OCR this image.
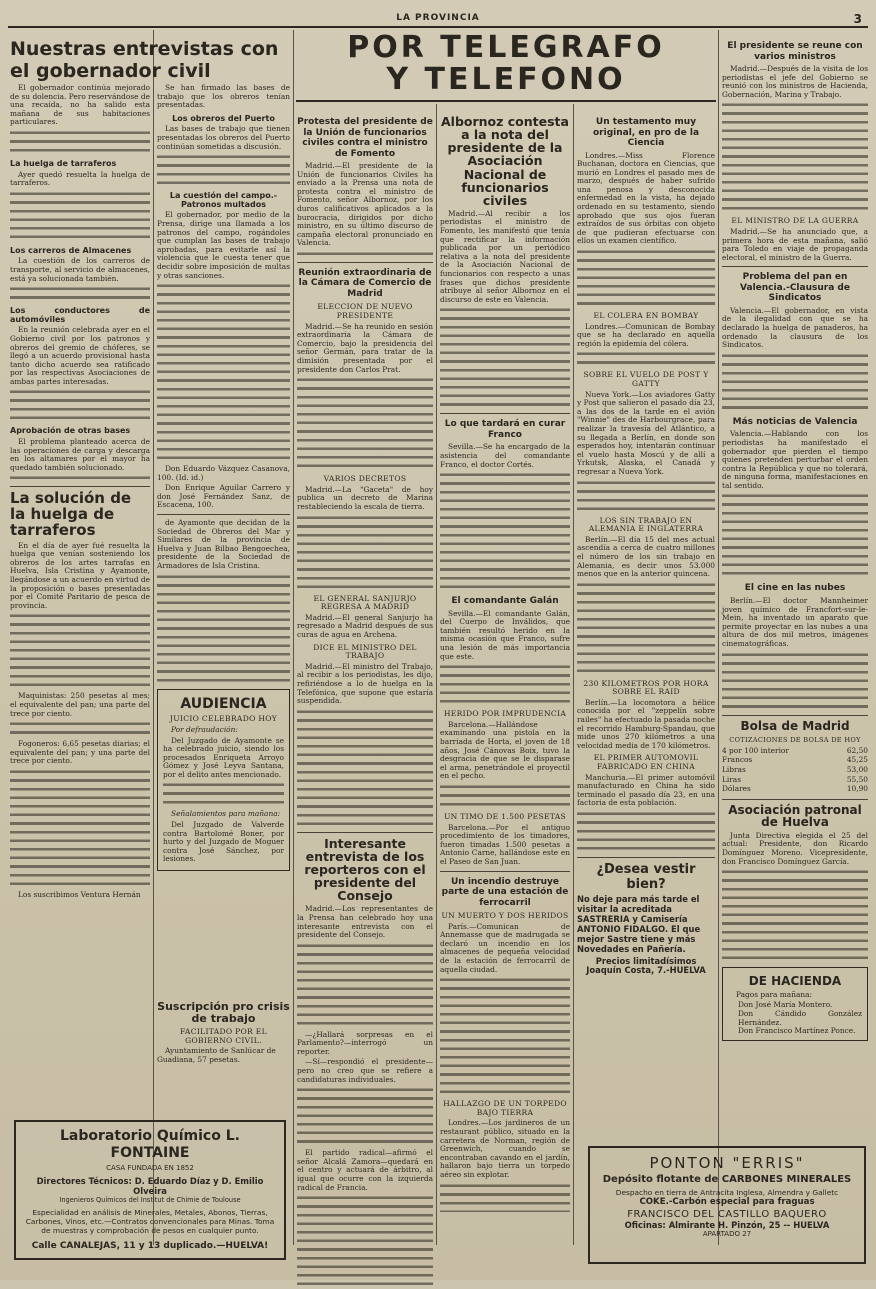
LA PROVINCIA	3
POR TELEGRAFO
Y TELEFONO
Nuestras entrevistas con el gobernador civil

El gobernador continúa mejorado de su dolencia. Pero reservándose de una recaída, no ha salido esta mañana de sus habitaciones particulares.

La huelga de tarraferos

Ayer quedó resuelta la huelga de tarraferos.

Los carreros de Almacenes

La cuestión de los carreros de transporte, al servicio de almacenes, está ya solucionada también.

Los conductores de automóviles

En la reunión celebrada ayer en el Gobierno civil por los patronos y obreros del gremio de chóferes, se llegó a un acuerdo provisional hasta tanto dicho acuerdo sea ratificado por las respectivas Asociaciones de ambas partes interesadas.

Aprobación de otras bases

El problema planteado acerca de las operaciones de carga y descarga en los altamares por el mayor ha quedado también solucionado.

La solución de la huelga de tarraferos

En el día de ayer fué resuelta la huelga que venían sosteniendo los obreros de los artes tarrafas en Huelva, Isla Cristina y Ayamonte, llegándose a un acuerdo en virtud de la proposición o bases presentadas por el Comité Paritario de pesca de provincia.

Maquinistas: 250 pesetas al mes; el equivalente del pan; una parte del trece por ciento.

Fogoneros: 6,65 pesetas diarias; el equivalente del pan; y una parte del trece por ciento.

Los suscribimos Ventura Hernán

Se han firmado las bases de trabajo que los obreros tenían presentadas.

Los obreros del Puerto

Las bases de trabajo que tienen presentadas los obreros del Puerto continúan sometidas a discusión.

La cuestión del campo.-Patronos multados

El gobernador, por medio de la Prensa, dirige una llamada a los patronos del campo, rogándoles que cumplan las bases de trabajo aprobadas, para evitarle así la violencia que le cuesta tener que decidir sobre imposición de multas y otras sanciones.

Don Eduardo Vázquez Casanova, 100. (Id. id.)

Don Enrique Aguilar Carrero y don José Fernández Sanz, de Escacena, 100.

de Ayamonte que decidan de la Sociedad de Obreros del Mar y Similares de la provincia de Huelva y Juan Bilbao Bengoechea, presidente de la Sociedad de Armadores de Isla Cristina.

AUDIENCIA
JUICIO CELEBRADO HOY

Por defraudación:

Del Juzgado de Ayamonte se ha celebrado juicio, siendo los procesados Enriqueta Arroyo Gómez y José Leyva Santana, por el delito antes mencionado.

Señalamientos para mañana:

Del Juzgado de Valverde contra Bartolomé Boner, por hurto y del Juzgado de Moguer contra José Sánchez, por lesiones.

Suscripción pro crisis de trabajo
FACILITADO POR EL GOBIERNO CIVIL.

Ayuntamiento de Sanlúcar de Guadiana, 57 pesetas.

Protesta del presidente de la Unión de funcionarios civiles contra el ministro de Fomento

Madrid.—El presidente de la Unión de funcionarios Civiles ha enviado a la Prensa una nota de protesta contra el ministro de Fomento, señor Albornoz, por los duros calificativos aplicados a la burocracia, dirigidos por dicho ministro, en su último discurso de campaña electoral pronunciado en Valencia.

Reunión extraordinaria de la Cámara de Comercio de Madrid
ELECCION DE NUEVO PRESIDENTE

Madrid.—Se ha reunido en sesión extraordinaria la Cámara de Comercio, bajo la presidencia del señor Germán, para tratar de la dimisión presentada por el presidente don Carlos Prat.

VARIOS DECRETOS

Madrid.—La "Gaceta" de hoy publica un decreto de Marina restableciendo la escala de tierra.

EL GENERAL SANJURJO REGRESA A MADRID

Madrid.—El general Sanjurjo ha regresado a Madrid después de sus curas de agua en Archena.

DICE EL MINISTRO DEL TRABAJO

Madrid.—El ministro del Trabajo, al recibir a los periodistas, les dijo, refiriéndose a lo de huelga en la Telefónica, que supone que estaría suspendida.

Interesante entrevista de los reporteros con el presidente del Consejo

Madrid.—Los representantes de la Prensa han celebrado hoy una interesante entrevista con el presidente del Consejo.

—¿Hallará sorpresas en el Parlamento?—interrogó un reporter.

—Sí—respondió el presidente—pero no creo que se refiere a candidaturas individuales.

El partido radical—afirmó el señor Alcalá Zamora—quedará en el centro y actuará de árbitro, al igual que ocurre con la izquierda radical de Francia.

Albornoz contesta a la nota del presidente de la Asociación Nacional de funcionarios civiles

Madrid.—Al recibir a los periodistas el ministro de Fomento, les manifestó que tenía que rectificar la información publicada por un periódico relativa a la nota del presidente de la Asociación Nacional de funcionarios con respecto a unas frases que dichos presidente atribuye al señor Albornoz en el discurso de este en Valencia.

Lo que tardará en curar Franco

Sevilla.—Se ha encargado de la asistencia del comandante Franco, el doctor Cortés.

El comandante Galán

Sevilla.—El comandante Galán, del Cuerpo de Inválidos, que también resultó herido en la misma ocasión que Franco, sufre una lesión de más importancia que este.

HERIDO POR IMPRUDENCIA

Barcelona.—Hallándose examinando una pistola en la barriada de Horta, el joven de 18 años, José Cánovas Boix, tuvo la desgracia de que se le disparase el arma, penetrándole el proyectil en el pecho.

UN TIMO DE 1.500 PESETAS

Barcelona.—Por el antiguo procedimiento de los timadores, fueron timadas 1.500 pesetas a Antonio Carne, hallándose este en el Paseo de San Juan.

Un incendio destruye parte de una estación de ferrocarril
UN MUERTO Y DOS HERIDOS

París.—Comunican de Annemasse que de madrugada se declaró un incendio en los almacenes de pequeña velocidad de la estación de ferrocarril de aquella ciudad.

HALLAZGO DE UN TORPEDO BAJO TIERRA

Londres.—Los jardineros de un restaurant público, situado en la carretera de Norman, región de Greenwich, cuando se encontraban cavando en el jardín, hallaron bajo tierra un torpedo aéreo sin explotar.

Un testamento muy original, en pro de la Ciencia

Londres.—Miss Florence Buchanan, doctora en Ciencias, que murió en Londres el pasado mes de marzo, después de haber sufrido una penosa y desconocida enfermedad en la vista, ha dejado ordenado en su testamento, siendo aprobado que sus ojos fueran extraídos de sus órbitas con objeto de que pudieran efectuarse con ellos un examen científico.

EL COLERA EN BOMBAY

Londres.—Comunican de Bombay que se ha declarado en aquella región la epidemia del cólera.

SOBRE EL VUELO DE POST Y GATTY

Nueva York.—Los aviadores Gatty y Post que salieron el pasado día 23, a las dos de la tarde en el avión "Winnie" des de Harbourgrace, para realizar la travesía del Atlántico, a su llegada a Berlín, en donde son esperados hoy, intentarán continuar el vuelo hasta Moscú y de allí a Yrkutsk, Alaska, el Canadá y regresar a Nueva York.

LOS SIN TRABAJO EN ALEMANIA E INGLATERRA

Berlín.—El día 15 del mes actual ascendía a cerca de cuatro millones el número de los sin trabajo en Alemania, es decir unos 53.000 menos que en la anterior quincena.

230 KILOMETROS POR HORA SOBRE EL RAID

Berlín.—La locomotora a hélice conocida por el "zeppelín sobre railes" ha efectuado la pasada noche el recorrido Hamburg-Spandau, que mide unos 270 kilómetros a una velocidad media de 170 kilómetros.

EL PRIMER AUTOMOVIL FABRICADO EN CHINA

Manchuria.—El primer automóvil manufacturado en China ha sido terminado el pasado día 23, en una factoria de esta población.

¿Desea vestir bien?
No deje para más tarde el visitar la acreditada SASTRERIA y Camisería ANTONIO FIDALGO. El que mejor Sastre tiene y más Novedades en Pañería.
Precios limitadísimos
Joaquín Costa, 7.-HUELVA
El presidente se reune con varios ministros

Madrid.—Después de la visita de los periodistas el jefe del Gobierno se reunió con los ministros de Hacienda, Gobernación, Marina y Trabajo.

EL MINISTRO DE LA GUERRA

Madrid.—Se ha anunciado que, a primera hora de esta mañana, salió para Toledo en viaje de propaganda electoral, el ministro de la Guerra.

Problema del pan en Valencia.-Clausura de Sindicatos

Valencia.—El gobernador, en vista de la ilegalidad con que se ha declarado la huelga de panaderos, ha ordenado la clausura de los Sindicatos.

Más noticias de Valencia

Valencia.—Hablando con los periodistas ha manifestado el gobernador que pierden el tiempo quienes pretenden perturbar el orden contra la República y que no tolerará, de ninguna forma, manifestaciones en tal sentido.

El cine en las nubes

Berlín.—El doctor Mannheimer joven químico de Francfort-sur-le-Mein, ha inventado un aparato que permite proyectar en las nubes a una altura de dos mil metros, imágenes cinematográficas.

Bolsa de Madrid
COTIZACIONES DE BOLSA DE HOY
4 por 100 interior	62,50
Francos	45,25
Libras	53,00
Liras	55,50
Dólares	10,90
Asociación patronal de Huelva

Junta Directiva elegida el 25 del actual: Presidente, don Ricardo Domínguez Moreno. Vicepresidente, don Francisco Domínguez García.

DE HACIENDA

Pagos para mañana:

Don José María Montero.
Don Cándido González Hernández.
Don Francisco Martínez Ponce.
Laboratorio Químico L. FONTAINE
CASA FUNDADA EN 1852
Directores Técnicos: D. Eduardo Díaz y D. Emilio Olveira
Ingenieros Químicos del Institut de Chimie de Toulouse
Especialidad en análisis de Minerales, Metales, Abonos, Tierras, Carbones, Vinos, etc.—Contratos convencionales para Minas. Toma de muestras y comprobación de pesos en cualquier punto.
Calle CANALEJAS, 11 y 13 duplicado.—HUELVA!
PONTON "ERRIS"
Depósito flotante de CARBONES MINERALES
Despacho en tierra de Antracita Inglesa, Almendra y Galletc
COKE.-Carbón especial para fraguas
FRANCISCO DEL CASTILLO BAQUERO
Oficinas: Almirante H. Pinzón, 25 -- HUELVA
APARTADO 27
